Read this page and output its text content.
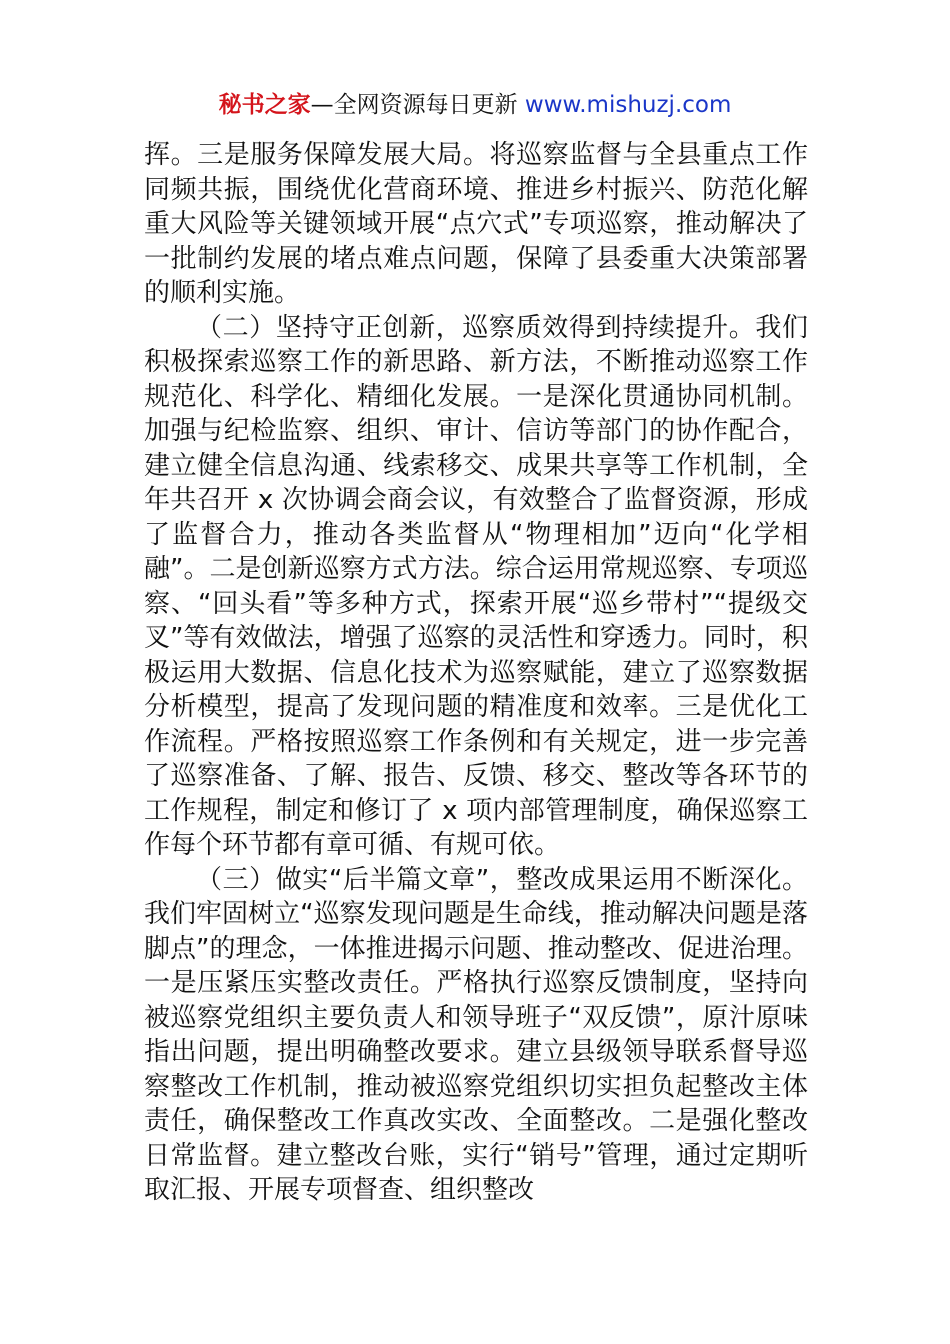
秘书之家—全网资源每日更新 www.mishuzj.com

挥。三是服务保障发展大局。将巡察监督与全县重点工作同频共振，围绕优化营商环境、推进乡村振兴、防范化解重大风险等关键领域开展“点穴式”专项巡察，推动解决了一批制约发展的堵点难点问题，保障了县委重大决策部署的顺利实施。

（二）坚持守正创新，巡察质效得到持续提升。我们积极探索巡察工作的新思路、新方法，不断推动巡察工作规范化、科学化、精细化发展。一是深化贯通协同机制。加强与纪检监察、组织、审计、信访等部门的协作配合，建立健全信息沟通、线索移交、成果共享等工作机制，全年共召开 x 次协调会商会议，有效整合了监督资源，形成了监督合力，推动各类监督从“物理相加”迈向“化学相融”。二是创新巡察方式方法。综合运用常规巡察、专项巡察、“回头看”等多种方式，探索开展“巡乡带村”“提级交叉”等有效做法，增强了巡察的灵活性和穿透力。同时，积极运用大数据、信息化技术为巡察赋能，建立了巡察数据分析模型，提高了发现问题的精准度和效率。三是优化工作流程。严格按照巡察工作条例和有关规定，进一步完善了巡察准备、了解、报告、反馈、移交、整改等各环节的工作规程，制定和修订了 x 项内部管理制度，确保巡察工作每个环节都有章可循、有规可依。

（三）做实“后半篇文章”，整改成果运用不断深化。我们牢固树立“巡察发现问题是生命线，推动解决问题是落脚点”的理念，一体推进揭示问题、推动整改、促进治理。一是压紧压实整改责任。严格执行巡察反馈制度，坚持向被巡察党组织主要负责人和领导班子“双反馈”，原汁原味指出问题，提出明确整改要求。建立县级领导联系督导巡察整改工作机制，推动被巡察党组织切实担负起整改主体责任，确保整改工作真改实改、全面整改。二是强化整改日常监督。建立整改台账，实行“销号”管理，通过定期听取汇报、开展专项督查、组织整改
